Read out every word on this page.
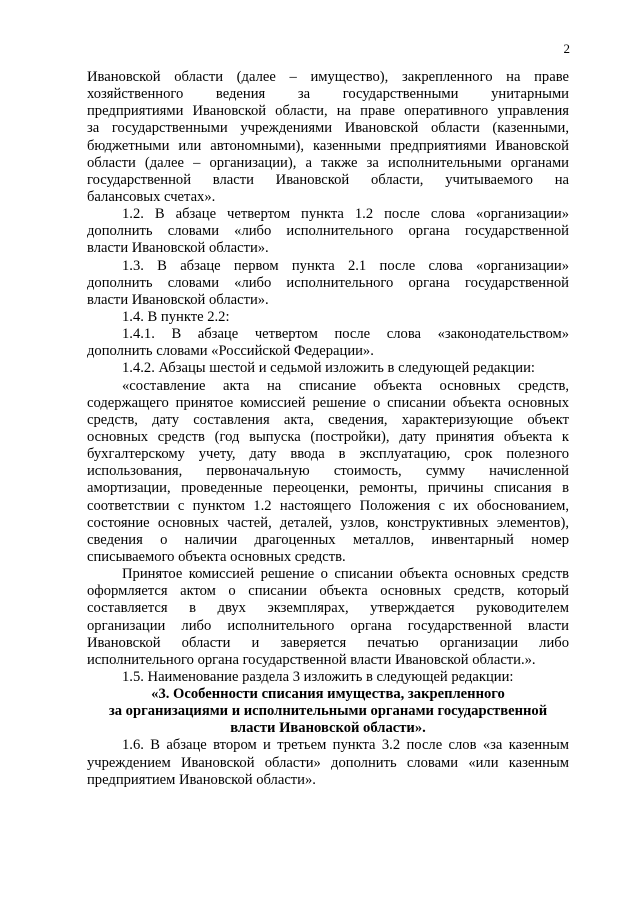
2
Ивановской области (далее – имущество), закрепленного на праве
хозяйственного ведения за государственными унитарными
предприятиями Ивановской области, на праве оперативного управления
за государственными учреждениями Ивановской области (казенными,
бюджетными или автономными), казенными предприятиями Ивановской
области (далее – организации), а также за исполнительными органами
государственной власти Ивановской области, учитываемого на
балансовых счетах».
1.2. В абзаце четвертом пункта 1.2 после слова «организации»
дополнить словами «либо исполнительного органа государственной
власти Ивановской области».
1.3. В абзаце первом пункта 2.1 после слова «организации»
дополнить словами «либо исполнительного органа государственной
власти Ивановской области».
1.4. В пункте 2.2:
1.4.1. В абзаце четвертом после слова «законодательством»
дополнить словами «Российской Федерации».
1.4.2. Абзацы шестой и седьмой изложить в следующей редакции:
«составление акта на списание объекта основных средств,
содержащего принятое комиссией решение о списании объекта основных
средств, дату составления акта, сведения, характеризующие объект
основных средств (год выпуска (постройки), дату принятия объекта к
бухгалтерскому учету, дату ввода в эксплуатацию, срок полезного
использования, первоначальную стоимость, сумму начисленной
амортизации, проведенные переоценки, ремонты, причины списания в
соответствии с пунктом 1.2 настоящего Положения с их обоснованием,
состояние основных частей, деталей, узлов, конструктивных элементов),
сведения о наличии драгоценных металлов, инвентарный номер
списываемого объекта основных средств.
Принятое комиссией решение о списании объекта основных средств
оформляется актом о списании объекта основных средств, который
составляется в двух экземплярах, утверждается руководителем
организации либо исполнительного органа государственной власти
Ивановской области и заверяется печатью организации либо
исполнительного органа государственной власти Ивановской области.».
1.5. Наименование раздела 3 изложить в следующей редакции:
«3. Особенности списания имущества, закрепленного
за организациями и исполнительными органами государственной
власти Ивановской области».
1.6. В абзаце втором и третьем пункта 3.2 после слов «за казенным
учреждением Ивановской области» дополнить словами «или казенным
предприятием Ивановской области».
